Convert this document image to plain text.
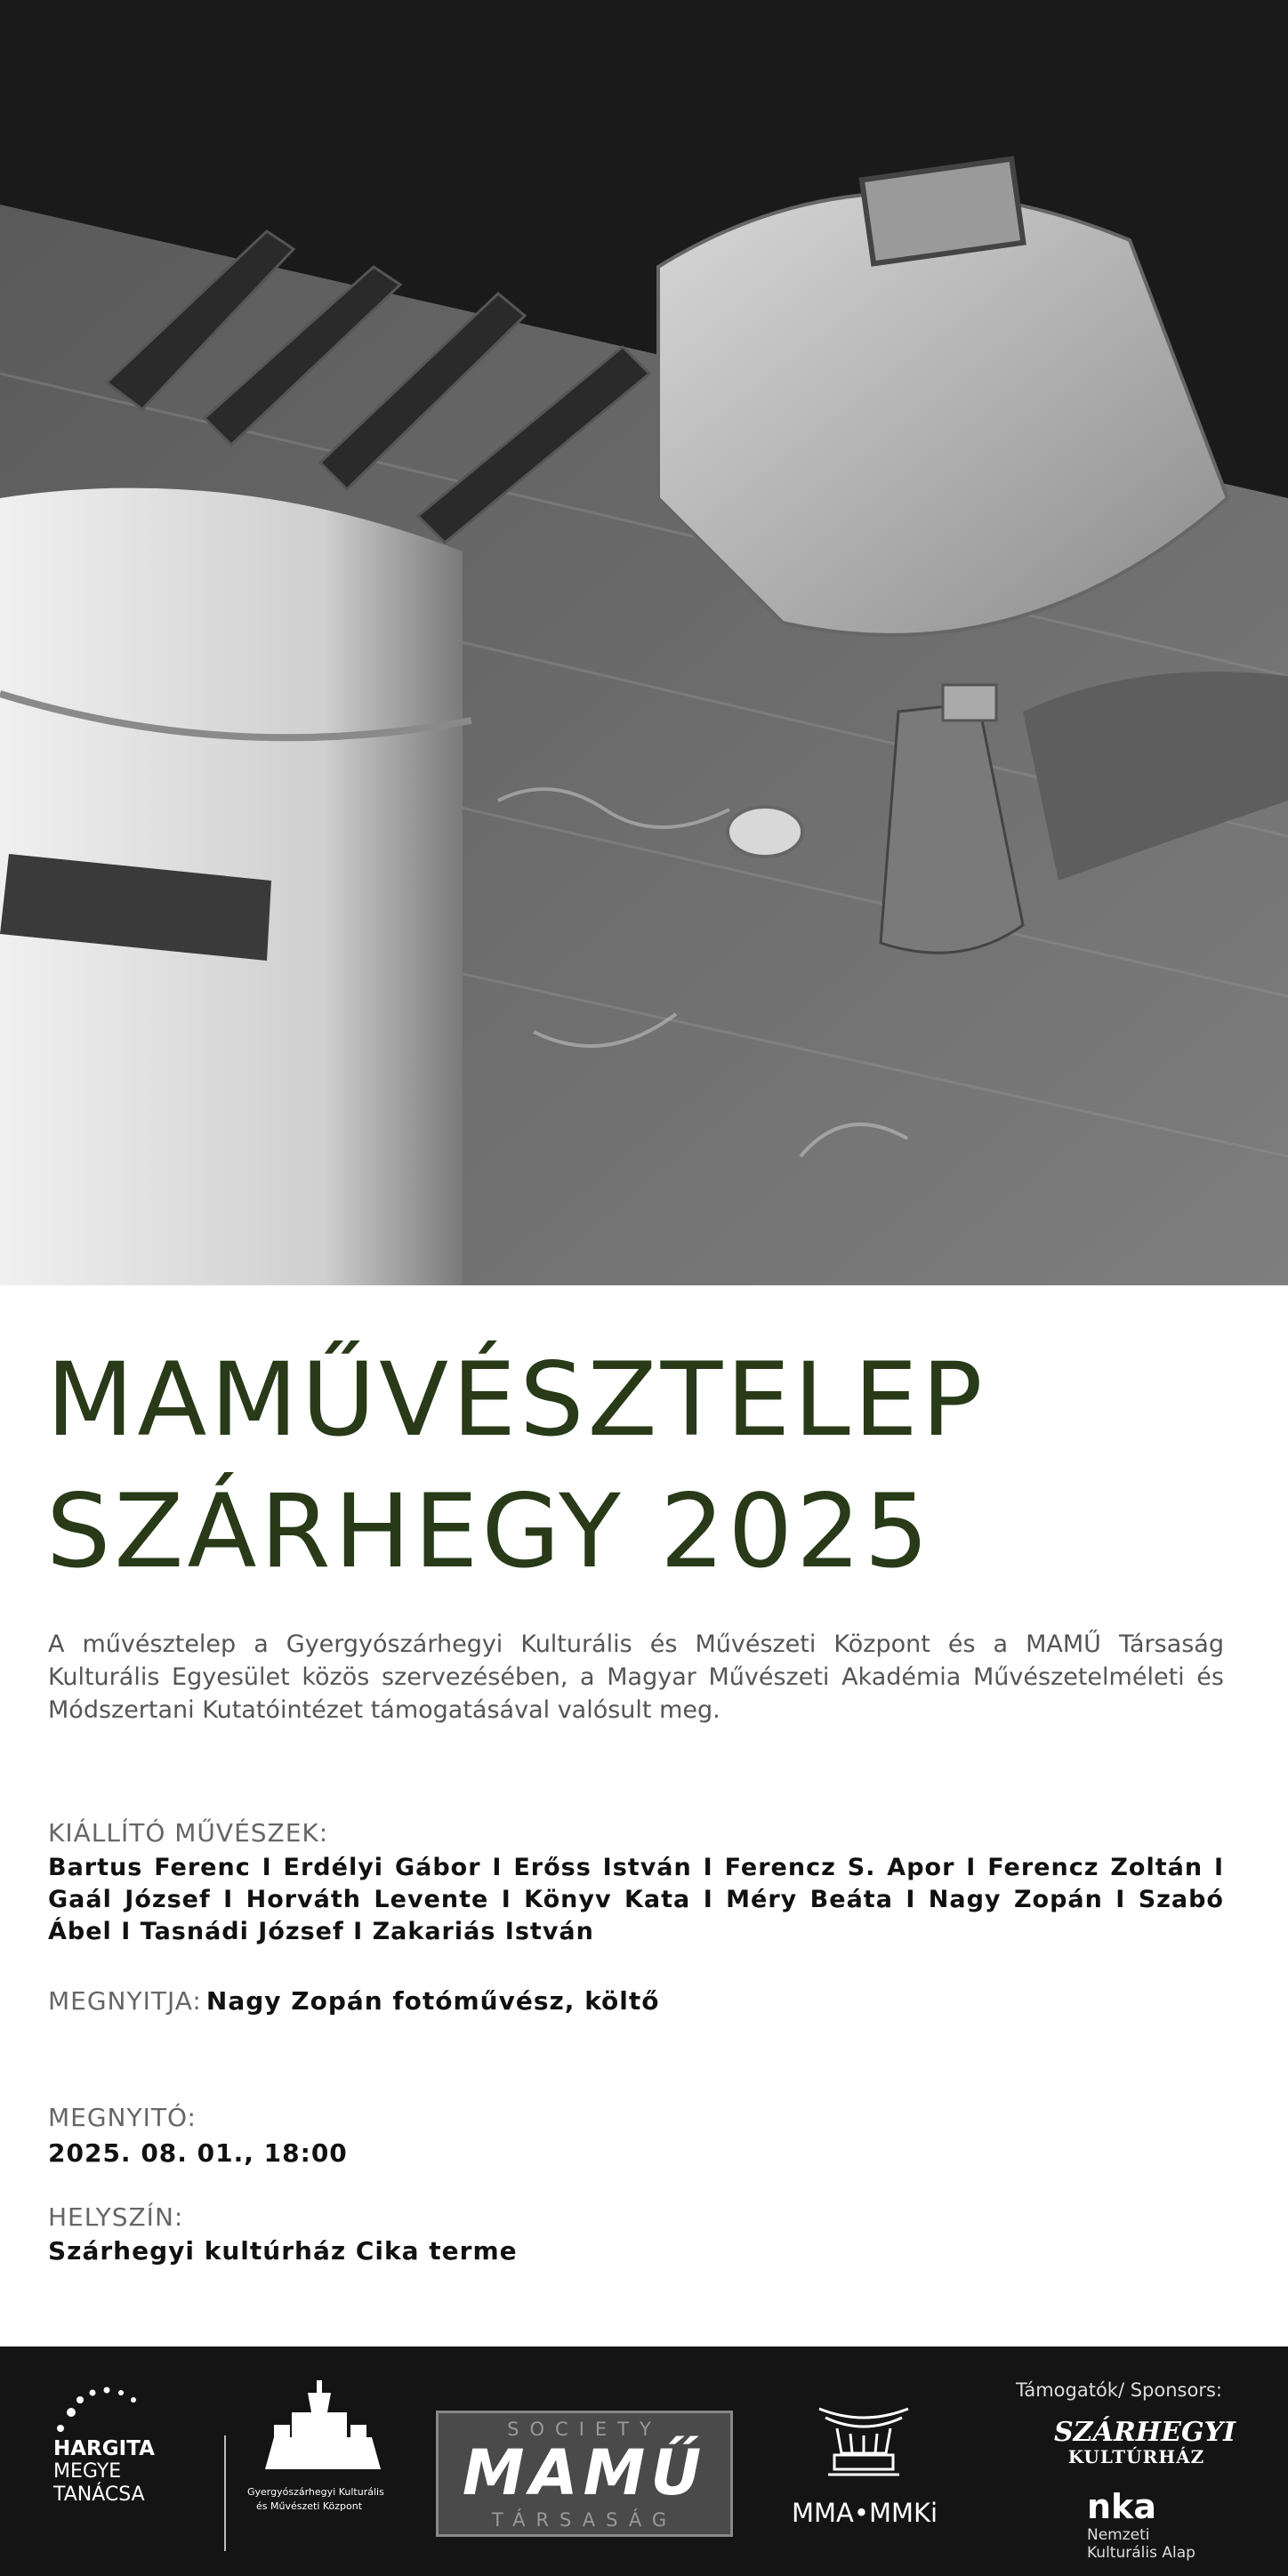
MAMŰVÉSZTELEP
SZÁRHEGY 2025
A művésztelep a Gyergyószárhegyi Kulturális és Művészeti Központ és a MAMŰ Társaság Kulturális Egyesület közös szervezésében, a Magyar Művészeti Akadémia Művészetelméleti és Módszertani Kutatóintézet támogatásával valósult meg.
KIÁLLÍTÓ MŰVÉSZEK:
Bartus Ferenc I Erdélyi Gábor I Erőss István I Ferencz S. Apor I Ferencz Zoltán I Gaál József I Horváth Levente I Könyv Kata I Méry Beáta I Nagy Zopán I Szabó Ábel I Tasnádi József I Zakariás István
MEGNYITJA: Nagy Zopán fotóművész, költő
MEGNYITÓ:
2025. 08. 01., 18:00
HELYSZÍN:
Szárhegyi kultúrház Cika terme
HARGITA
MEGYE
TANÁCSA	Gyergyószárhegyi Kulturális
és Művészeti Központ
SOCIETY
MAMŰ
TÁRSASÁG	MMA•MMKi
Támogatók/ Sponsors:
SZÁRHEGYI
KULTÚRHÁZ
nka
Nemzeti
Kulturális Alap
